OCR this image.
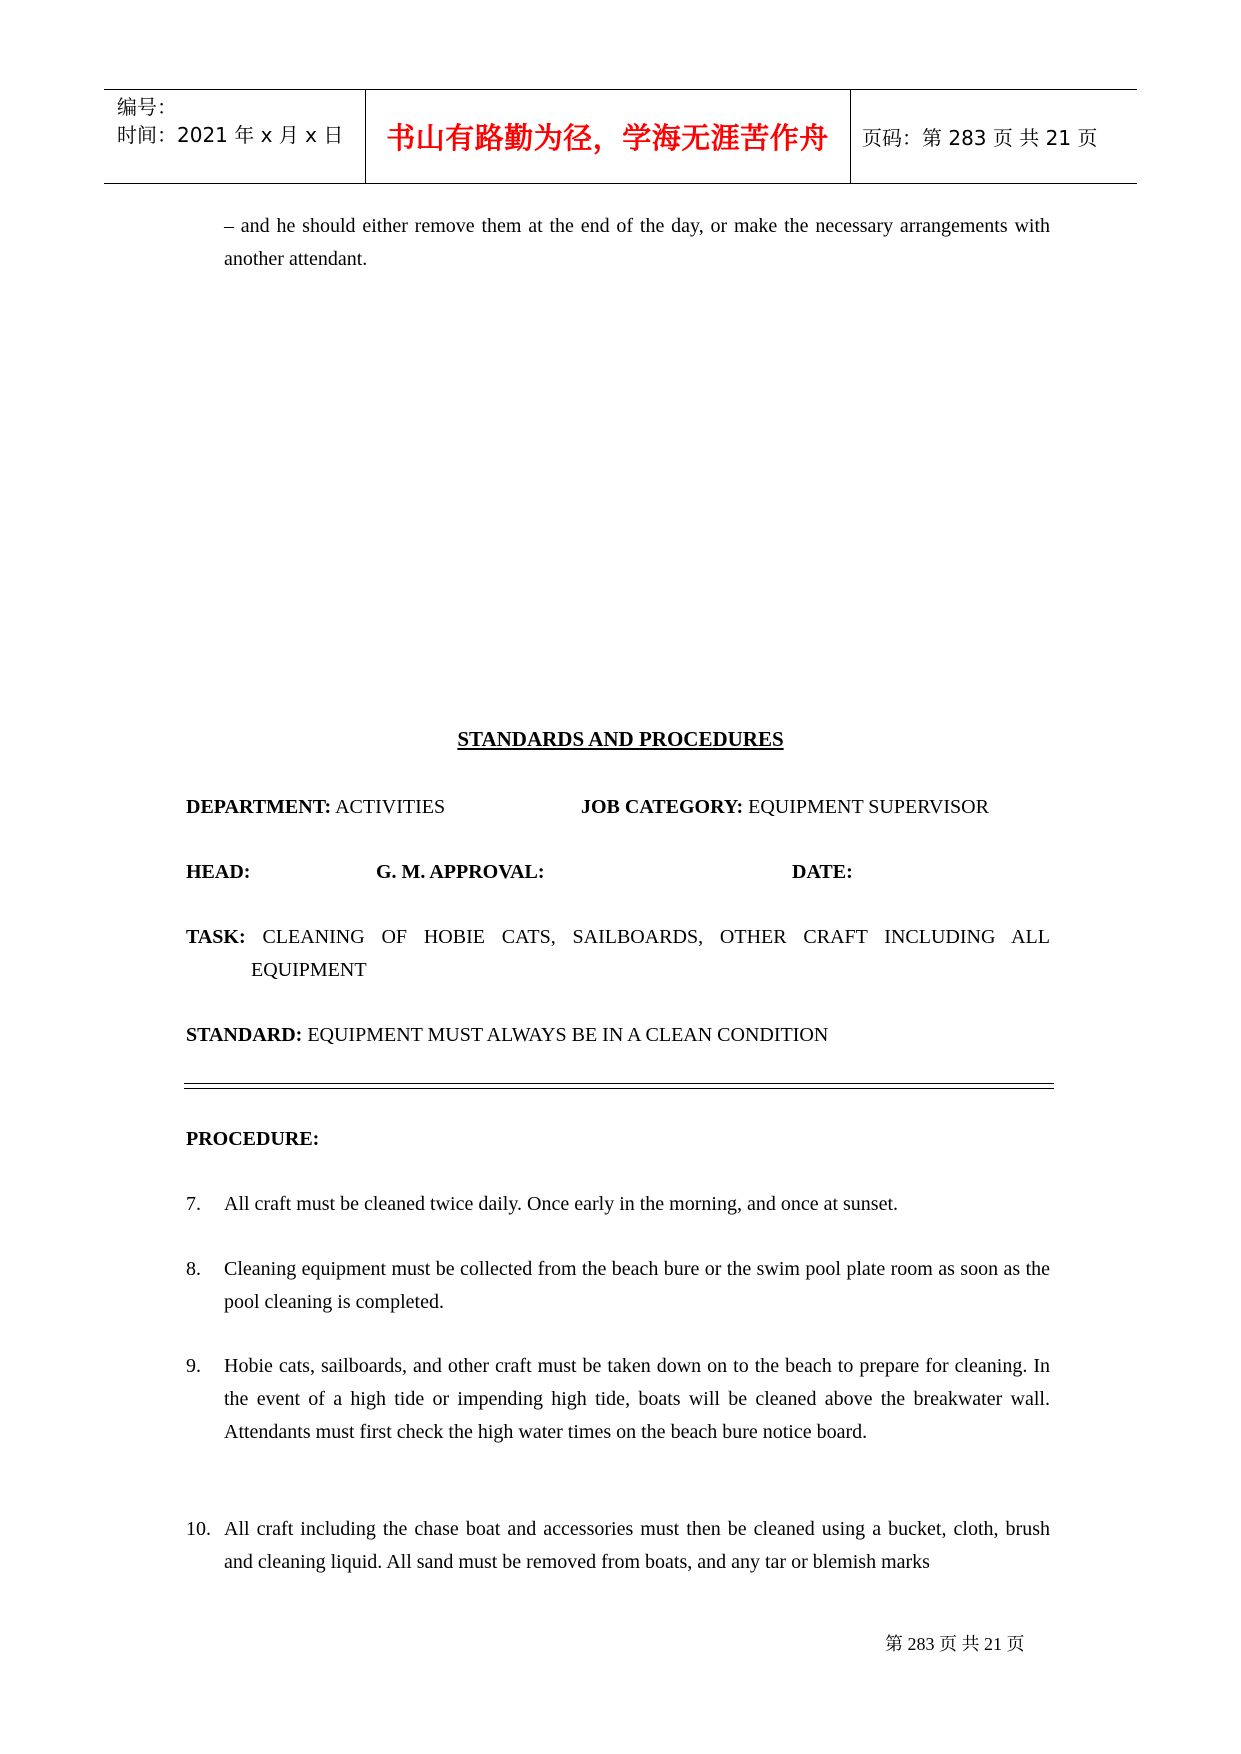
编号：
时间：2021 年 x 月 x 日	书山有路勤为径，学海无涯苦作舟	页码：第 283 页 共 21 页
– and he should either remove them at the end of the day, or make the necessary arrangements with another attendant.
STANDARDS AND PROCEDURES
DEPARTMENT: ACTIVITIES	JOB CATEGORY: EQUIPMENT SUPERVISOR
HEAD:	G. M. APPROVAL:	DATE:
TASK: CLEANING OF HOBIE CATS, SAILBOARDS, OTHER CRAFT INCLUDING ALL
EQUIPMENT
STANDARD: EQUIPMENT MUST ALWAYS BE IN A CLEAN CONDITION
PROCEDURE:
7. All craft must be cleaned twice daily. Once early in the morning, and once at sunset.
8. Cleaning equipment must be collected from the beach bure or the swim pool plate room as soon as the pool cleaning is completed.
9. Hobie cats, sailboards, and other craft must be taken down on to the beach to prepare for cleaning. In the event of a high tide or impending high tide, boats will be cleaned above the breakwater wall. Attendants must first check the high water times on the beach bure notice board.
10. All craft including the chase boat and accessories must then be cleaned using a bucket, cloth, brush and cleaning liquid. All sand must be removed from boats, and any tar or blemish marks
第 283 页 共 21 页
